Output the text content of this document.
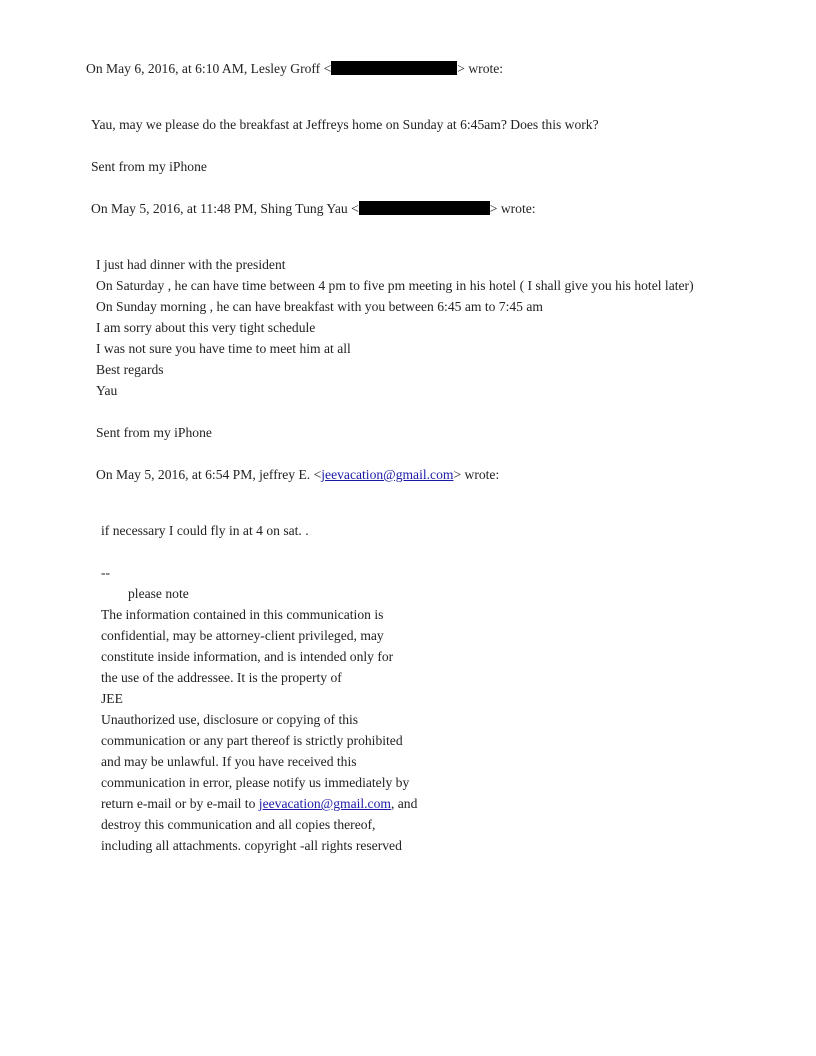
On May 6, 2016, at 6:10 AM, Lesley Groff <	> wrote:
Yau, may we please do the breakfast at Jeffreys home on Sunday at 6:45am? Does this work?
Sent from my iPhone
On May 5, 2016, at 11:48 PM, Shing Tung Yau <	> wrote:
I just had dinner with the president
On Saturday , he can have time between 4 pm to five pm meeting in his hotel ( I shall give you his hotel later)
On Sunday morning , he can have breakfast with you between 6:45 am to 7:45 am
I am sorry about this very tight schedule
I was not sure you have time to meet him at all
Best regards
Yau
Sent from my iPhone
On May 5, 2016, at 6:54 PM, jeffrey E. <jeevacation@gmail.com> wrote:
if necessary I could fly in at 4 on sat. .
--
please note
The information contained in this communication is
confidential, may be attorney-client privileged, may
constitute inside information, and is intended only for
the use of the addressee. It is the property of
JEE
Unauthorized use, disclosure or copying of this
communication or any part thereof is strictly prohibited
and may be unlawful. If you have received this
communication in error, please notify us immediately by
return e-mail or by e-mail to jeevacation@gmail.com, and
destroy this communication and all copies thereof,
including all attachments. copyright -all rights reserved
